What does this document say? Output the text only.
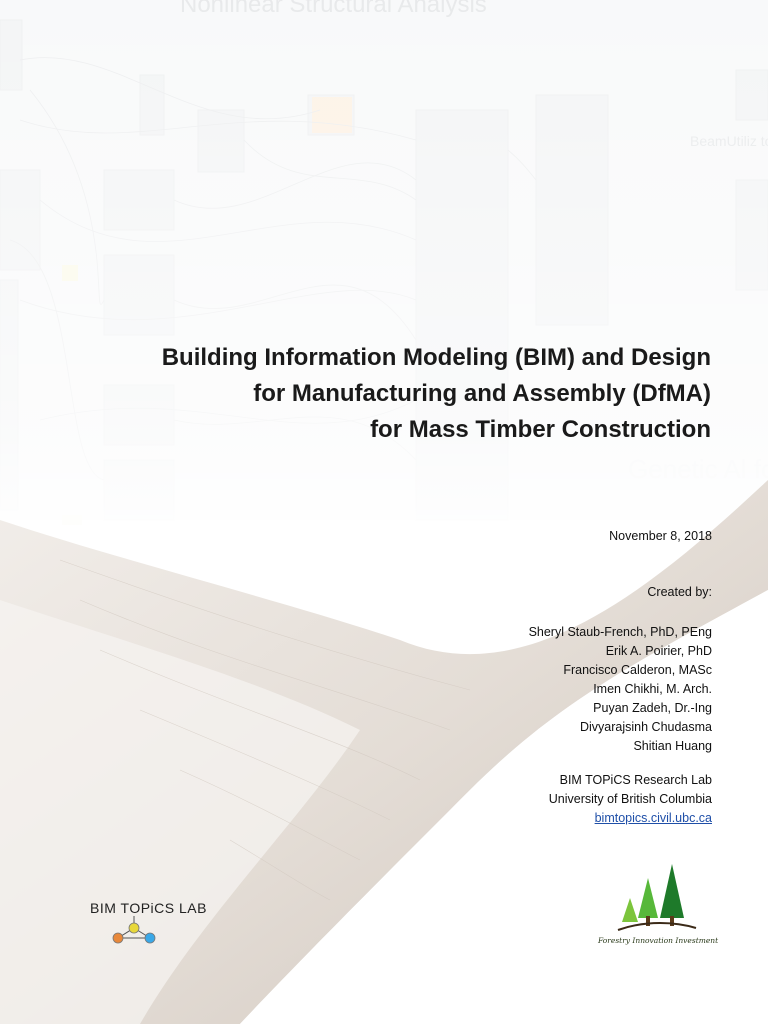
Building Information Modeling (BIM) and Design
for Manufacturing and Assembly (DfMA)
for Mass Timber Construction
November 8, 2018
Created by:
Sheryl Staub-French, PhD, PEng
Erik A. Poirier, PhD
Francisco Calderon, MASc
Imen Chikhi, M. Arch.
Puyan Zadeh, Dr.-Ing
Divyarajsinh Chudasma
Shitian Huang
BIM TOPiCS Research Lab
University of British Columbia
bimtopics.civil.ubc.ca
BIM TOPiCS LAB
Forestry Innovation Investment
